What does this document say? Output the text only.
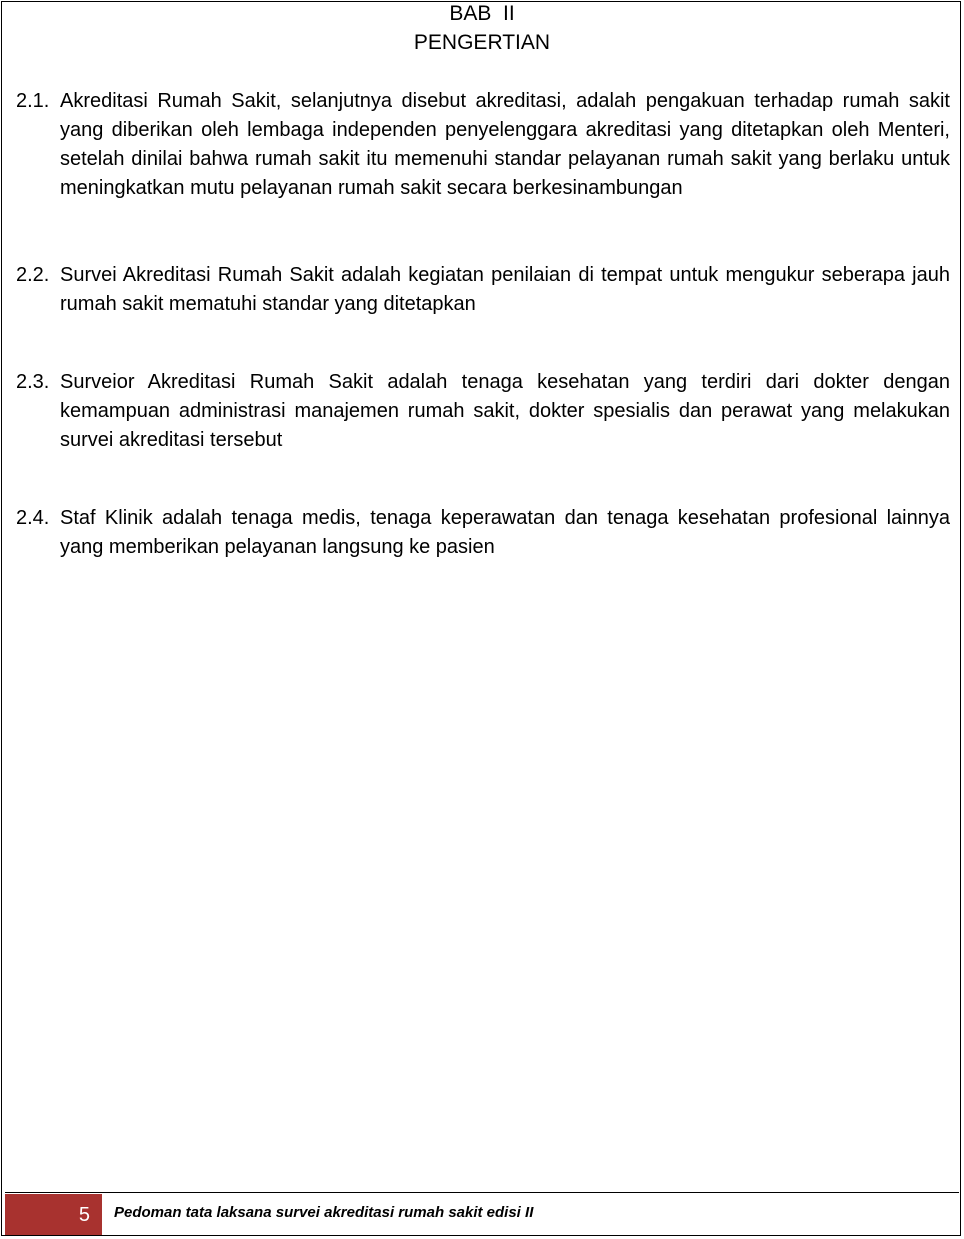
BAB  II
PENGERTIAN
2.1. Akreditasi Rumah Sakit, selanjutnya disebut akreditasi, adalah pengakuan terhadap rumah sakit yang diberikan oleh lembaga independen penyelenggara akreditasi yang ditetapkan oleh Menteri, setelah dinilai bahwa rumah sakit itu memenuhi standar pelayanan rumah sakit yang berlaku untuk meningkatkan mutu pelayanan rumah sakit secara berkesinambungan
2.2. Survei Akreditasi Rumah Sakit adalah kegiatan penilaian di tempat untuk mengukur seberapa jauh rumah sakit mematuhi standar yang ditetapkan
2.3. Surveior Akreditasi Rumah Sakit adalah tenaga kesehatan yang terdiri dari dokter dengan kemampuan administrasi manajemen rumah sakit, dokter spesialis dan perawat yang melakukan survei akreditasi tersebut
2.4. Staf Klinik adalah tenaga medis, tenaga keperawatan dan tenaga kesehatan profesional lainnya yang memberikan pelayanan langsung ke pasien
5 Pedoman tata laksana survei akreditasi rumah sakit edisi II
